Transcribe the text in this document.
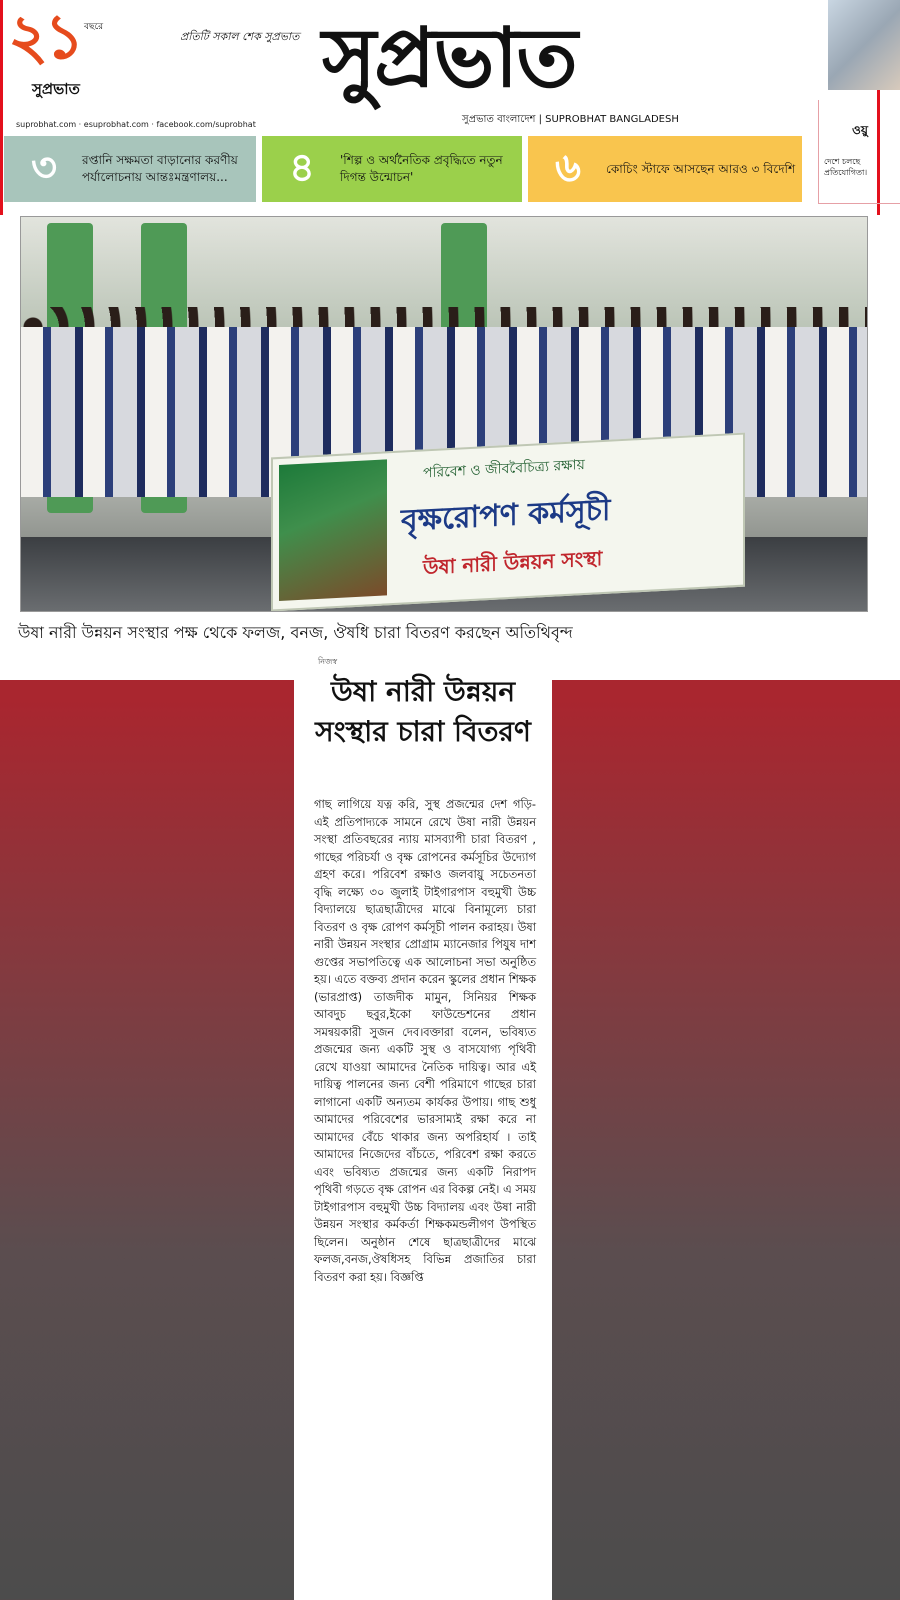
২১ বছরে
সুপ্রভাত
প্রতিটি সকাল শেক সুপ্রভাত
suprobhat.com · esuprobhat.com · facebook.com/suprobhat
সুপ্রভাত
সুপ্রভাত বাংলাদেশ | SUPROBHAT BANGLADESH
ওয়ু
দেশে চলছে প্রতিযোগিতা।
৩	রপ্তানি সক্ষমতা বাড়ানোর করণীয় পর্যালোচনায় আন্তঃমন্ত্রণালয়...	৪	'শিল্প ও অর্থনৈতিক প্রবৃদ্ধিতে নতুন দিগন্ত উন্মোচন'	৬	কোচিং স্টাফে আসছেন আরও ৩ বিদেশি
পরিবেশ ও জীববৈচিত্র্য রক্ষায়
বৃক্ষরোপণ কর্মসূচী
উষা নারী উন্নয়ন সংস্থা
উষা নারী উন্নয়ন সংস্থার পক্ষ থেকে ফলজ, বনজ, ঔষধি চারা বিতরণ করছেন অতিথিবৃন্দ
নিজস্ব
উষা নারী উন্নয়ন সংস্থার চারা বিতরণ
গাছ লাগিয়ে যত্ন করি, সুস্থ প্রজন্মের দেশ গড়ি- এই প্রতিপাদ্যকে সামনে রেখে উষা নারী উন্নয়ন সংস্থা প্রতিবছরের ন্যায় মাসব্যাপী চারা বিতরণ , গাছের পরিচর্যা ও বৃক্ষ রোপনের কর্মসূচির উদ্যোগ গ্রহণ করে। পরিবেশ রক্ষাও জলবায়ু সচেতনতা বৃদ্ধি লক্ষ্যে ৩০ জুলাই টাইগারপাস বহুমুখী উচ্চ বিদ্যালয়ে ছাত্রছাত্রীদের মাঝে বিনামূল্যে চারা বিতরণ ও বৃক্ষ রোপণ কর্মসূচী পালন করাহয়। উষা নারী উন্নয়ন সংস্থার প্রোগ্রাম ম্যানেজার পিযুষ দাশ গুপ্তের সভাপতিত্বে এক আলোচনা সভা অনুষ্ঠিত হয়। এতে বক্তব্য প্রদান করেন স্কুলের প্রধান শিক্ষক (ভারপ্রাপ্ত) তাজদীক মামুন, সিনিয়র শিক্ষক আবদুচ ছবুর,ইকো ফাউন্ডেশনের প্রধান সমন্বয়কারী সুজন দেব।বক্তারা বলেন, ভবিষ্যত প্রজন্মের জন্য একটি সুস্থ ও বাসযোগ্য পৃথিবী রেখে যাওয়া আমাদের নৈতিক দায়িত্ব। আর এই দায়িত্ব পালনের জন্য বেশী পরিমাণে গাছের চারা লাগানো একটি অন্যতম কার্যকর উপায়। গাছ শুধু আমাদের পরিবেশের ভারসাম্যই রক্ষা করে না আমাদের বেঁচে থাকার জন্য অপরিহার্য । তাই আমাদের নিজেদের বাঁচতে, পরিবেশ রক্ষা করতে এবং ভবিষ্যত প্রজন্মের জন্য একটি নিরাপদ পৃথিবী গড়তে বৃক্ষ রোপন এর বিকল্প নেই। এ সময় টাইগারপাস বহুমুখী উচ্চ বিদ্যালয় এবং উষা নারী উন্নয়ন সংস্থার কর্মকর্তা শিক্ষকমন্ডলীগণ উপস্থিত ছিলেন। অনুষ্ঠান শেষে ছাত্রছাত্রীদের মাঝে ফলজ,বনজ,ঔষধিসহ বিভিন্ন প্রজাতির চারা বিতরণ করা হয়। বিজ্ঞপ্তি
